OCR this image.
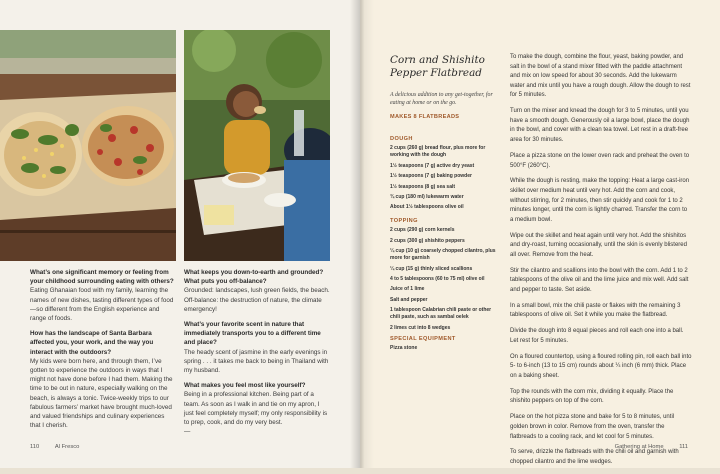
What’s one significant memory or feeling from your childhood surrounding eating with others?

Eating Ghanaian food with my family, learning the names of new dishes, tasting different types of food—so different from the English experience and range of foods.

How has the landscape of Santa Barbara affected you, your work, and the way you interact with the outdoors?

My kids were born here, and through them, I’ve gotten to experience the outdoors in ways that I might not have done before I had them. Making the time to be out in nature, especially walking on the beach, is always a tonic. Twice-weekly trips to our fabulous farmers’ market have brought much-loved and valued friendships and culinary experiences that I cherish.

What keeps you down-to-earth and grounded? What puts you off-balance?

Grounded: landscapes, lush green fields, the beach. Off-balance: the destruction of nature, the climate emergency!

What’s your favorite scent in nature that immediately transports you to a different time and place?

The heady scent of jasmine in the early evenings in spring . . . it takes me back to being in Thailand with my husband.

What makes you feel most like yourself?

Being in a professional kitchen. Being part of a team. As soon as I walk in and tie on my apron, I just feel completely myself; my only responsibility is to prep, cook, and do my very best.

—

110	Al Fresco
Corn and Shishito Pepper Flatbread
A delicious addition to any get-together, for eating at home or on the go.
MAKES 8 FLATBREADS
DOUGH

2 cups (260 g) bread flour, plus more for working with the dough

1½ teaspoons (7 g) active dry yeast

1½ teaspoons (7 g) baking powder

1½ teaspoons (8 g) sea salt

¾ cup (180 ml) lukewarm water

About 1½ tablespoons olive oil

TOPPING

2 cups (290 g) corn kernels

2 cups (300 g) shishito peppers

¼ cup (10 g) coarsely chopped cilantro, plus more for garnish

¼ cup (15 g) thinly sliced scallions

4 to 5 tablespoons (60 to 75 ml) olive oil

Juice of 1 lime

Salt and pepper

1 tablespoon Calabrian chili paste or other chili paste, such as sambal oelek

2 limes cut into 8 wedges

SPECIAL EQUIPMENT

Pizza stone

To make the dough, combine the flour, yeast, baking powder, and salt in the bowl of a stand mixer fitted with the paddle attachment and mix on low speed for about 30 seconds. Add the lukewarm water and mix until you have a rough dough. Allow the dough to rest for 5 minutes.

Turn on the mixer and knead the dough for 3 to 5 minutes, until you have a smooth dough. Generously oil a large bowl, place the dough in the bowl, and cover with a clean tea towel. Let rest in a draft-free area for 30 minutes.

Place a pizza stone on the lower oven rack and preheat the oven to 500°F (260°C).

While the dough is resting, make the topping: Heat a large cast-iron skillet over medium heat until very hot. Add the corn and cook, without stirring, for 2 minutes, then stir quickly and cook for 1 to 2 minutes longer, until the corn is lightly charred. Transfer the corn to a medium bowl.

Wipe out the skillet and heat again until very hot. Add the shishitos and dry-roast, turning occasionally, until the skin is evenly blistered all over. Remove from the heat.

Stir the cilantro and scallions into the bowl with the corn. Add 1 to 2 tablespoons of the olive oil and the lime juice and mix well. Add salt and pepper to taste. Set aside.

In a small bowl, mix the chili paste or flakes with the remaining 3 tablespoons of olive oil. Set it while you make the flatbread.

Divide the dough into 8 equal pieces and roll each one into a ball. Let rest for 5 minutes.

On a floured countertop, using a floured rolling pin, roll each ball into 5- to 6-inch (13 to 15 cm) rounds about ¼ inch (6 mm) thick. Place on a baking sheet.

Top the rounds with the corn mix, dividing it equally. Place the shishito peppers on top of the corn.

Place on the hot pizza stone and bake for 5 to 8 minutes, until golden brown in color. Remove from the oven, transfer the flatbreads to a cooling rack, and let cool for 5 minutes.

To serve, drizzle the flatbreads with the chili oil and garnish with chopped cilantro and the lime wedges.

Gathering at Home	111
